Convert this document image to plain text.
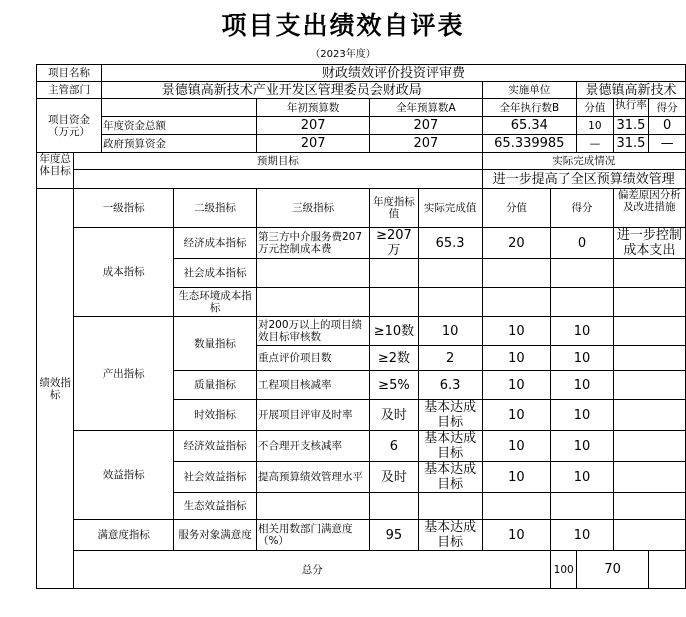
项目支出绩效自评表
（2023年度）
项目名称		财政绩效评价投资评审费									
主管部门		景德镇高新技术产业开发区管理委员会财政局					实施单位		景德镇高新技术		
项目资金（万元）				年初预算数	全年预算数A		全年执行数B		分值	执行率	得分
		年度资金总额		207	207		65.34		10	31.5	0
		政府预算资金		207	207		65.339985		—	31.5	—
年度总体目标	预期目标						实际完成情况				
							进一步提高了全区预算绩效管理				
绩效指标	一级指标		二级指标	三级指标	年度指标值	实际完成值	分值	得分		偏差原因分析及改进措施	
	成本指标		经济成本指标	第三方中介服务费207万元控制成本费	≥207万	65.3	20	0		进一步控制成本支出	
			社会成本指标								
			生态环境成本指标								
	产出指标		数量指标	对200万以上的项目绩效目标审核数	≥10数	10	10	10			
				重点评价项目数	≥2数	2	10	10			
			质量指标	工程项目核减率	≥5%	6.3	10	10			
			时效指标	开展项目评审及时率	及时	基本达成目标	10	10			
	效益指标		经济效益指标	不合理开支核减率	6	基本达成目标	10	10			
			社会效益指标	提高预算绩效管理水平	及时	基本达成目标	10	10			
			生态效益指标								
	满意度指标		服务对象满意度	相关用数部门满意度（%）	95	基本达成目标	10	10			
	总分							100	70		
